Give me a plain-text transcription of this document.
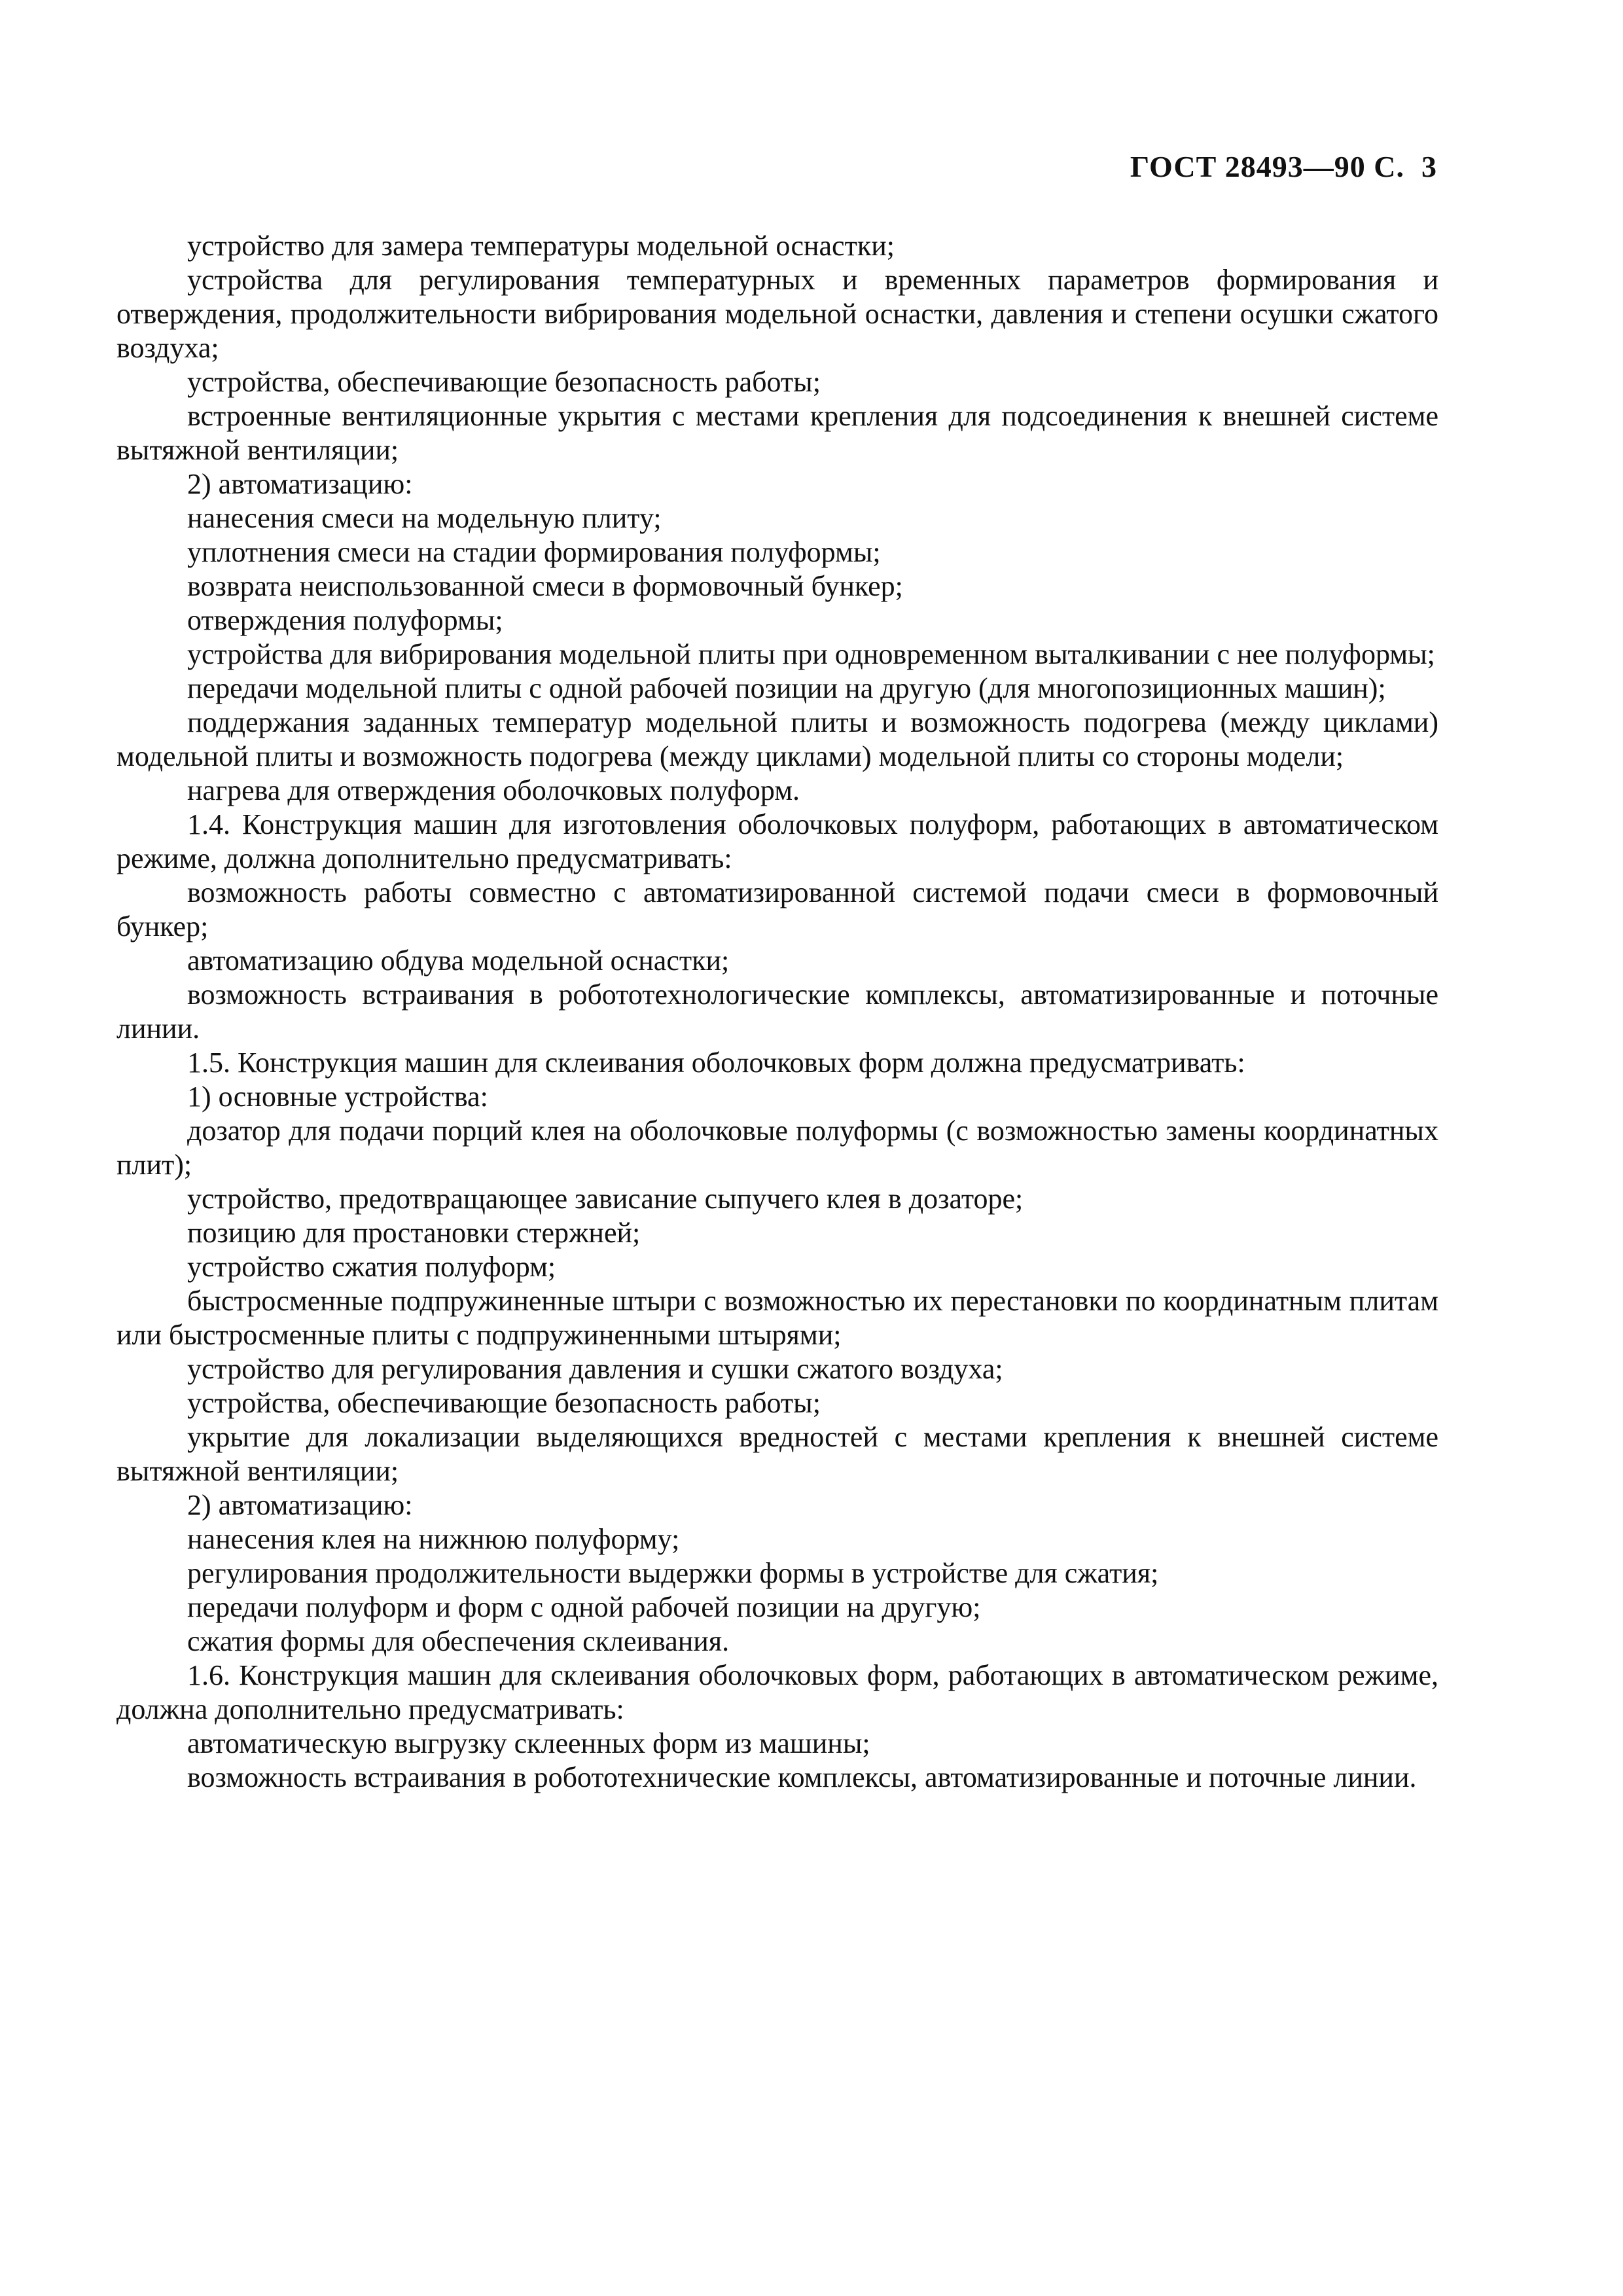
ГОСТ 28493—90 С. 3

устройство для замера температуры модельной оснастки;

устройства для регулирования температурных и временных параметров формирования и отверждения, продолжительности вибрирования модельной оснастки, давления и степени осушки сжатого воздуха;

устройства, обеспечивающие безопасность работы;

встроенные вентиляционные укрытия с местами крепления для подсоединения к внешней системе вытяжной вентиляции;

2) автоматизацию:

нанесения смеси на модельную плиту;

уплотнения смеси на стадии формирования полуформы;

возврата неиспользованной смеси в формовочный бункер;

отверждения полуформы;

устройства для вибрирования модельной плиты при одновременном выталкивании с нее полуформы;

передачи модельной плиты с одной рабочей позиции на другую (для многопозиционных машин);

поддержания заданных температур модельной плиты и возможность подогрева (между циклами) модельной плиты и возможность подогрева (между циклами) модельной плиты со стороны модели;

нагрева для отверждения оболочковых полуформ.

1.4. Конструкция машин для изготовления оболочковых полуформ, работающих в автоматическом режиме, должна дополнительно предусматривать:

возможность работы совместно с автоматизированной системой подачи смеси в формовочный бункер;

автоматизацию обдува модельной оснастки;

возможность встраивания в робототехнологические комплексы, автоматизированные и поточные линии.

1.5. Конструкция машин для склеивания оболочковых форм должна предусматривать:

1) основные устройства:

дозатор для подачи порций клея на оболочковые полуформы (с возможностью замены координатных плит);

устройство, предотвращающее зависание сыпучего клея в дозаторе;

позицию для простановки стержней;

устройство сжатия полуформ;

быстросменные подпружиненные штыри с возможностью их перестановки по координатным плитам или быстросменные плиты с подпружиненными штырями;

устройство для регулирования давления и сушки сжатого воздуха;

устройства, обеспечивающие безопасность работы;

укрытие для локализации выделяющихся вредностей с местами крепления к внешней системе вытяжной вентиляции;

2) автоматизацию:

нанесения клея на нижнюю полуформу;

регулирования продолжительности выдержки формы в устройстве для сжатия;

передачи полуформ и форм с одной рабочей позиции на другую;

сжатия формы для обеспечения склеивания.

1.6. Конструкция машин для склеивания оболочковых форм, работающих в автоматическом режиме, должна дополнительно предусматривать:

автоматическую выгрузку склеенных форм из машины;

возможность встраивания в робототехнические комплексы, автоматизированные и поточные линии.
